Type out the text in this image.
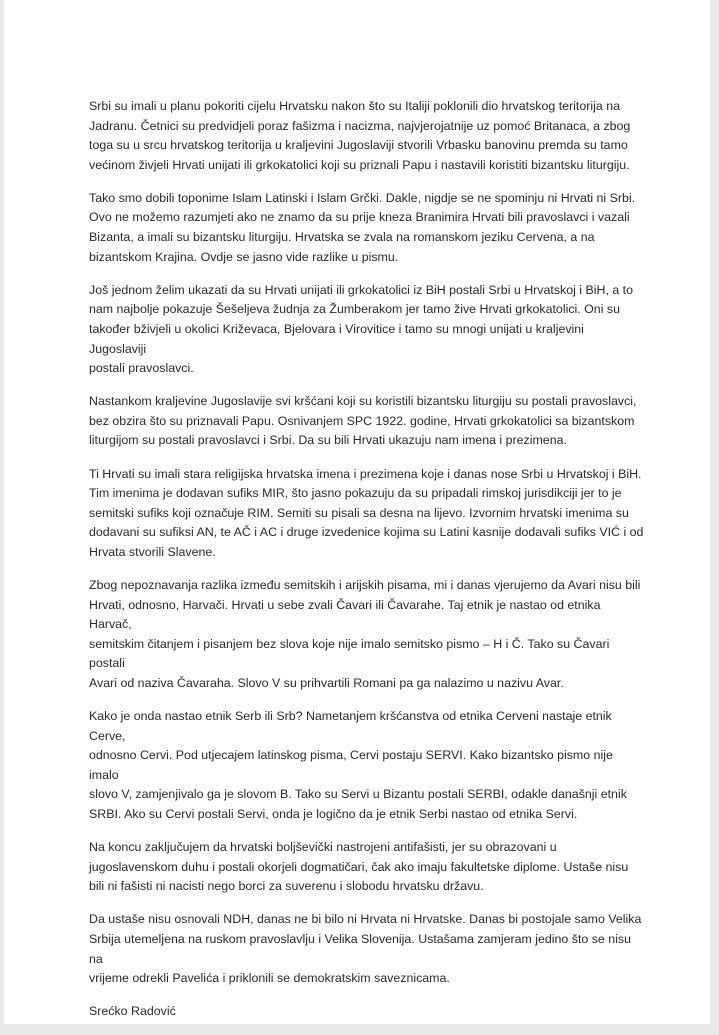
Srbi su imali u planu pokoriti cijelu Hrvatsku nakon što su Italiji poklonili dio hrvatskog teritorija na
Jadranu. Četnici su predvidjeli poraz fašizma i nacizma, najvjerojatnije uz pomoć Britanaca, a zbog
toga su u srcu hrvatskog teritorija u kraljevini Jugoslaviji stvorili Vrbasku banovinu premda su tamo
većinom živjeli Hrvati unijati ili grkokatolici koji su priznali Papu i nastavili koristiti bizantsku liturgiju.

Tako smo dobili toponime Islam Latinski i Islam Grčki. Dakle, nigdje se ne spominju ni Hrvati ni Srbi.
Ovo ne možemo razumjeti ako ne znamo da su prije kneza Branimira Hrvati bili pravoslavci i vazali
Bizanta, a imali su bizantsku liturgiju. Hrvatska se zvala na romanskom jeziku Cervena, a na
bizantskom Krajina. Ovdje se jasno vide razlike u pismu.

Još jednom želim ukazati da su Hrvati unijati ili grkokatolici iz BiH postali Srbi u Hrvatskoj i BiH, a to
nam najbolje pokazuje Šešeljeva žudnja za Žumberakom jer tamo žive Hrvati grkokatolici. Oni su
također bživjeli u okolici Križevaca, Bjelovara i Virovitice i tamo su mnogi unijati u kraljevini Jugoslaviji
postali pravoslavci.

Nastankom kraljevine Jugoslavije svi kršćani koji su koristili bizantsku liturgiju su postali pravoslavci,
bez obzira što su priznavali Papu. Osnivanjem SPC 1922. godine, Hrvati grkokatolici sa bizantskom
liturgijom su postali pravoslavci i Srbi. Da su bili Hrvati ukazuju nam imena i prezimena.

Ti Hrvati su imali stara religijska hrvatska imena i prezimena koje i danas nose Srbi u Hrvatskoj i BiH.
Tim imenima je dodavan sufiks MIR, što jasno pokazuju da su pripadali rimskoj jurisdikciji jer to je
semitski sufiks koji označuje RIM. Semiti su pisali sa desna na lijevo. Izvornim hrvatski imenima su
dodavani su sufiksi AN, te AČ i AC i druge izvedenice kojima su Latini kasnije dodavali sufiks VIĆ i od
Hrvata stvorili Slavene.

Zbog nepoznavanja razlika između semitskih i arijskih pisama, mi i danas vjerujemo da Avari nisu bili
Hrvati, odnosno, Harvači. Hrvati u sebe zvali Čavari ili Čavarahe. Taj etnik je nastao od etnika Harvač,
semitskim čitanjem i pisanjem bez slova koje nije imalo semitsko pismo – H i Č. Tako su Čavari postali
Avari od naziva Čavaraha. Slovo V su prihvartili Romani pa ga nalazimo u nazivu Avar.

Kako je onda nastao etnik Serb ili Srb? Nametanjem kršćanstva od etnika Cerveni nastaje etnik Cerve,
odnosno Cervi. Pod utjecajem latinskog pisma, Cervi postaju SERVI. Kako bizantsko pismo nije imalo
slovo V, zamjenjivalo ga je slovom B. Tako su Servi u Bizantu postali SERBI, odakle današnji etnik
SRBI. Ako su Cervi postali Servi, onda je logično da je etnik Serbi nastao od etnika Servi.

Na koncu zaključujem da hrvatski boljševički nastrojeni antifašisti, jer su obrazovani u
jugoslavenskom duhu i postali okorjeli dogmatičari, čak ako imaju fakultetske diplome. Ustaše nisu
bili ni fašisti ni nacisti nego borci za suverenu i slobodu hrvatsku državu.

Da ustaše nisu osnovali NDH, danas ne bi bilo ni Hrvata ni Hrvatske. Danas bi postojale samo Velika
Srbija utemeljena na ruskom pravoslavlju i Velika Slovenija. Ustašama zamjeram jedino što se nisu na
vrijeme odrekli Pavelića i priklonili se demokratskim saveznicama.

Srećko Radović
